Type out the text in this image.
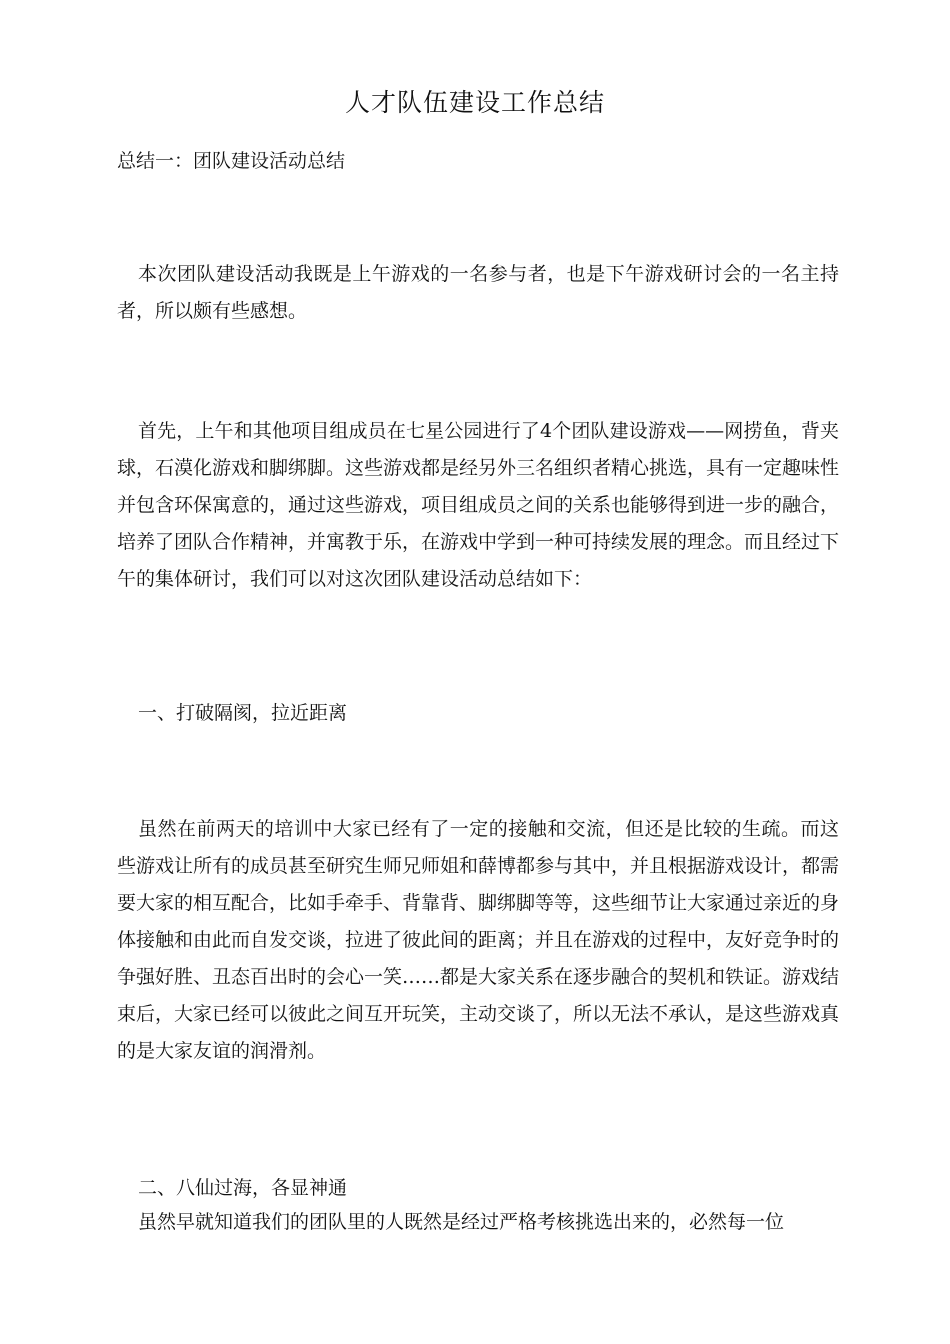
人才队伍建设工作总结

总结一：团队建设活动总结

本次团队建设活动我既是上午游戏的一名参与者，也是下午游戏研讨会的一名主持者，所以颇有些感想。

首先，上午和其他项目组成员在七星公园进行了4个团队建设游戏——网捞鱼，背夹球，石漠化游戏和脚绑脚。这些游戏都是经另外三名组织者精心挑选，具有一定趣味性并包含环保寓意的，通过这些游戏，项目组成员之间的关系也能够得到进一步的融合，培养了团队合作精神，并寓教于乐，在游戏中学到一种可持续发展的理念。而且经过下午的集体研讨，我们可以对这次团队建设活动总结如下：

一、打破隔阂，拉近距离

虽然在前两天的培训中大家已经有了一定的接触和交流，但还是比较的生疏。而这些游戏让所有的成员甚至研究生师兄师姐和薛博都参与其中，并且根据游戏设计，都需要大家的相互配合，比如手牵手、背靠背、脚绑脚等等，这些细节让大家通过亲近的身体接触和由此而自发交谈，拉进了彼此间的距离；并且在游戏的过程中，友好竞争时的争强好胜、丑态百出时的会心一笑……都是大家关系在逐步融合的契机和铁证。游戏结束后，大家已经可以彼此之间互开玩笑，主动交谈了，所以无法不承认，是这些游戏真的是大家友谊的润滑剂。

二、八仙过海，各显神通

虽然早就知道我们的团队里的人既然是经过严格考核挑选出来的，必然每一位
